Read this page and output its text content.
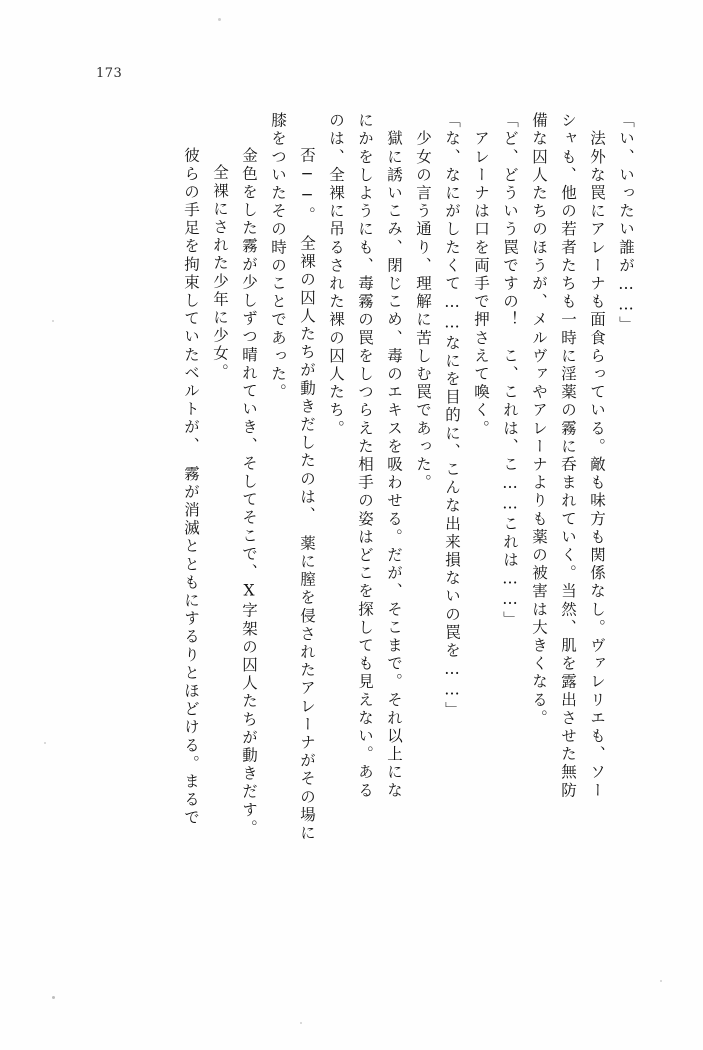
173
「い、いったい誰が……」
　法外な罠にアレーナも面食らっている。敵も味方も関係なし。ヴァレリエも、ソー
シャも、他の若者たちも一時に淫薬の霧に呑まれていく。当然、肌を露出させた無防
備な囚人たちのほうが、メルヴァやアレーナよりも薬の被害は大きくなる。
「ど、どういう罠ですの！　こ、これは、こ……これは……」
　アレーナは口を両手で押さえて喚く。
「な、なにがしたくて……なにを目的に、こんな出来損ないの罠を……」
　少女の言う通り、理解に苦しむ罠であった。
　獄に誘いこみ、閉じこめ、毒のエキスを吸わせる。だが、そこまで。それ以上にな
にかをしようにも、毒霧の罠をしつらえた相手の姿はどこを探しても見えない。ある
のは、全裸に吊るされた裸の囚人たち。
　否──。　全裸の囚人たちが動きだしたのは、　薬に膣を侵されたアレーナがその場に
膝をついたその時のことであった。
　金色をした霧が少しずつ晴れていき、そしてそこで、X字架の囚人たちが動きだす。
　全裸にされた少年に少女。
　彼らの手足を拘束していたベルトが、　霧が消滅とともにするりとほどける。まるで
